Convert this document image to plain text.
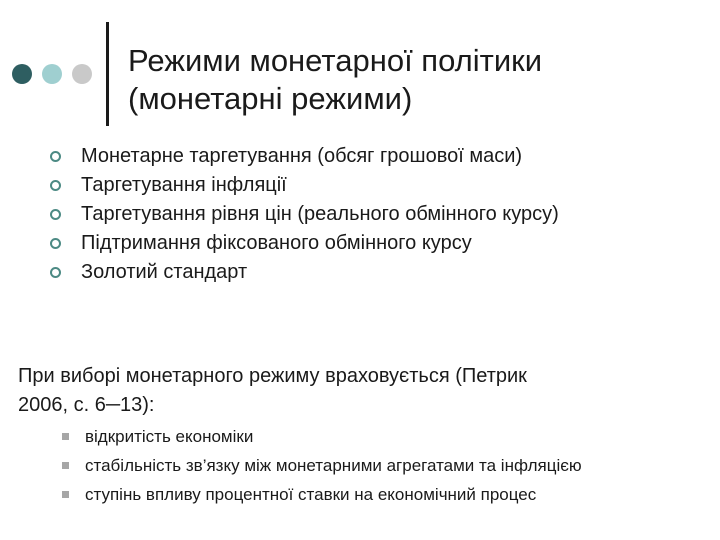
Режими монетарної політики
(монетарні режими)
Монетарне таргетування (обсяг грошової маси)
Таргетування інфляції
Таргетування рівня цін (реального обмінного курсу)
Підтримання фіксованого обмінного курсу
Золотий стандарт

При виборі монетарного режиму враховується (Петрик
2006, с. 6─13):

відкритість економіки
стабільність зв’язку між монетарними агрегатами та інфляцією
ступінь впливу процентної ставки на економічний процес
